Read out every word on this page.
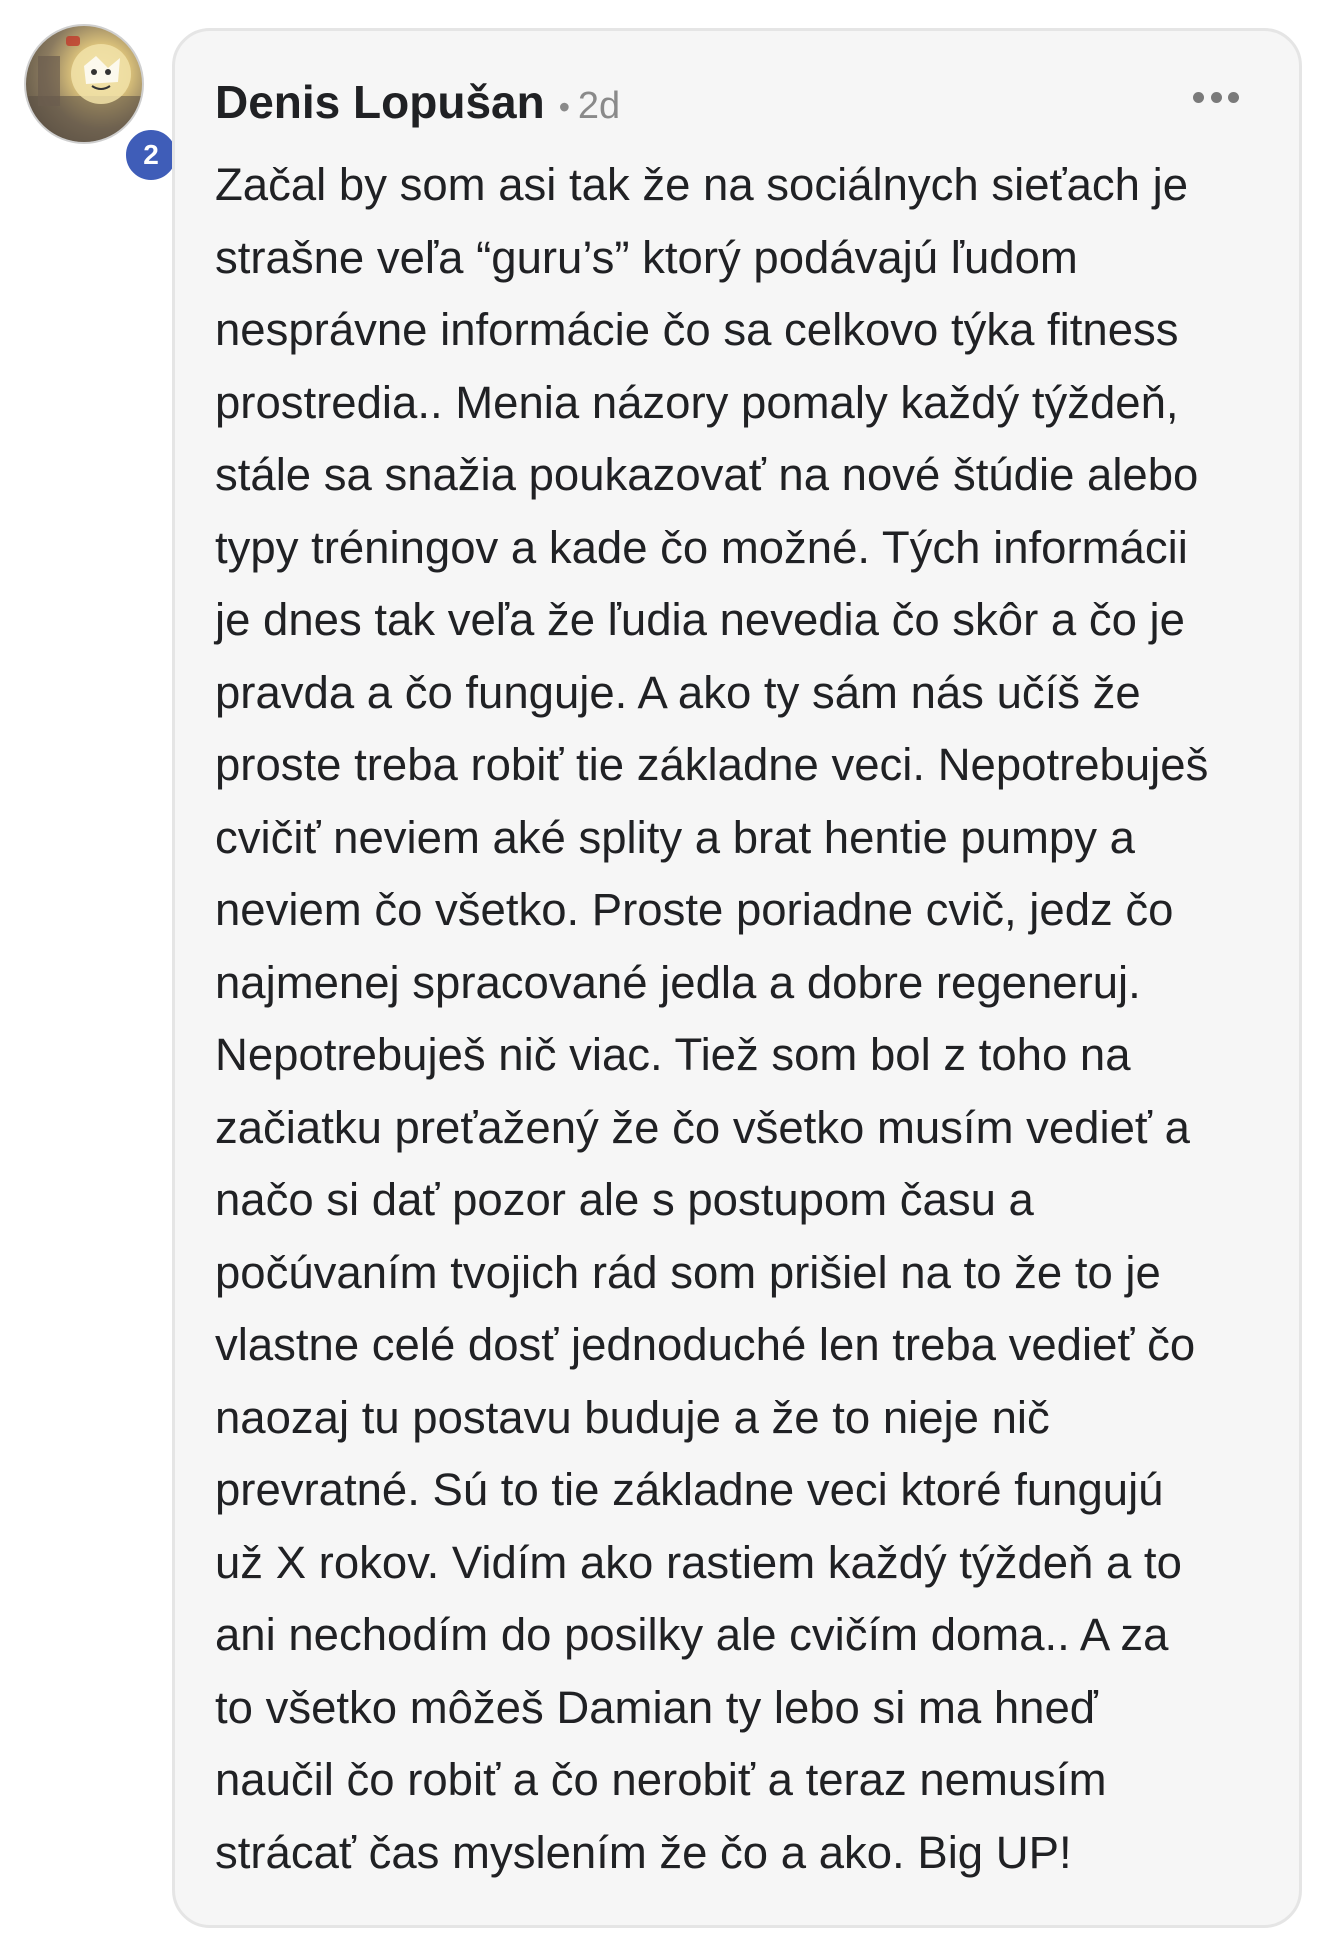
2
Denis Lopušan • 2d

Začal by som asi tak že na sociálnych sieťach je
strašne veľa “guru’s” ktorý podávajú ľudom
nesprávne informácie čo sa celkovo týka fitness
prostredia.. Menia názory pomaly každý týždeň,
stále sa snažia poukazovať na nové štúdie alebo
typy tréningov a kade čo možné. Tých informácii
je dnes tak veľa že ľudia nevedia čo skôr a čo je
pravda a čo funguje. A ako ty sám nás učíš že
proste treba robiť tie základne veci. Nepotrebuješ
cvičiť neviem aké splity a brat hentie pumpy a
neviem čo všetko. Proste poriadne cvič, jedz čo
najmenej spracované jedla a dobre regeneruj.
Nepotrebuješ nič viac. Tiež som bol z toho na
začiatku preťažený že čo všetko musím vedieť a
načo si dať pozor ale s postupom času a
počúvaním tvojich rád som prišiel na to že to je
vlastne celé dosť jednoduché len treba vedieť čo
naozaj tu postavu buduje a že to nieje nič
prevratné. Sú to tie základne veci ktoré fungujú
už X rokov. Vidím ako rastiem každý týždeň a to
ani nechodím do posilky ale cvičím doma.. A za
to všetko môžeš Damian ty lebo si ma hneď
naučil čo robiť a čo nerobiť a teraz nemusím
strácať čas myslením že čo a ako. Big UP!
